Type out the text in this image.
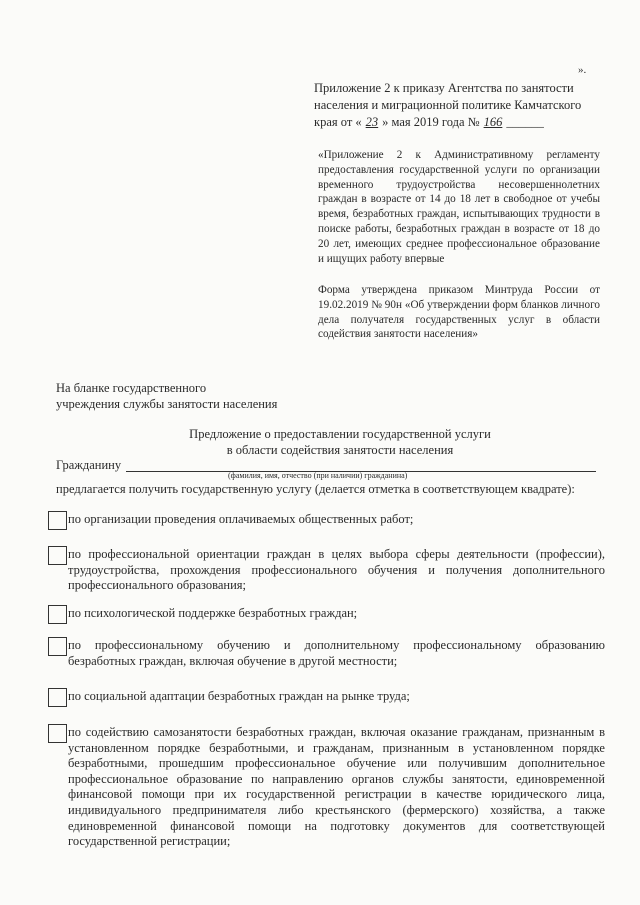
».
Приложение 2 к приказу Агентства по занятости
населения и миграционной политике Камчатского
края от « 23 » мая 2019 года № 166 ______
«Приложение 2 к Административному регламенту предоставления государственной услуги по организации временного трудоустройства несовершеннолетних граждан в возрасте от 14 до 18 лет в свободное от учебы время, безработных граждан, испытывающих трудности в поиске работы, безработных граждан в возрасте от 18 до 20 лет, имеющих среднее профессиональное образование и ищущих работу впервые
Форма утверждена приказом Минтруда России от 19.02.2019 № 90н «Об утверждении форм бланков личного дела получателя государственных услуг в области содействия занятости населения»
На бланке государственного
учреждения службы занятости населения
Предложение о предоставлении государственной услуги
в области содействия занятости населения
Гражданину
(фамилия, имя, отчество (при наличии) гражданина)
предлагается получить государственную услугу (делается отметка в соответствующем квадрате):
по организации проведения оплачиваемых общественных работ;
по профессиональной ориентации граждан в целях выбора сферы деятельности (профессии), трудоустройства, прохождения профессионального обучения и получения дополнительного профессионального образования;
по психологической поддержке безработных граждан;
по профессиональному обучению и дополнительному профессиональному образованию безработных граждан, включая обучение в другой местности;
по социальной адаптации безработных граждан на рынке труда;
по содействию самозанятости безработных граждан, включая оказание гражданам, признанным в установленном порядке безработными, и гражданам, признанным в установленном порядке безработными, прошедшим профессиональное обучение или получившим дополнительное профессиональное образование по направлению органов службы занятости, единовременной финансовой помощи при их государственной регистрации в качестве юридического лица, индивидуального предпринимателя либо крестьянского (фермерского) хозяйства, а также единовременной финансовой помощи на подготовку документов для соответствующей государственной регистрации;
